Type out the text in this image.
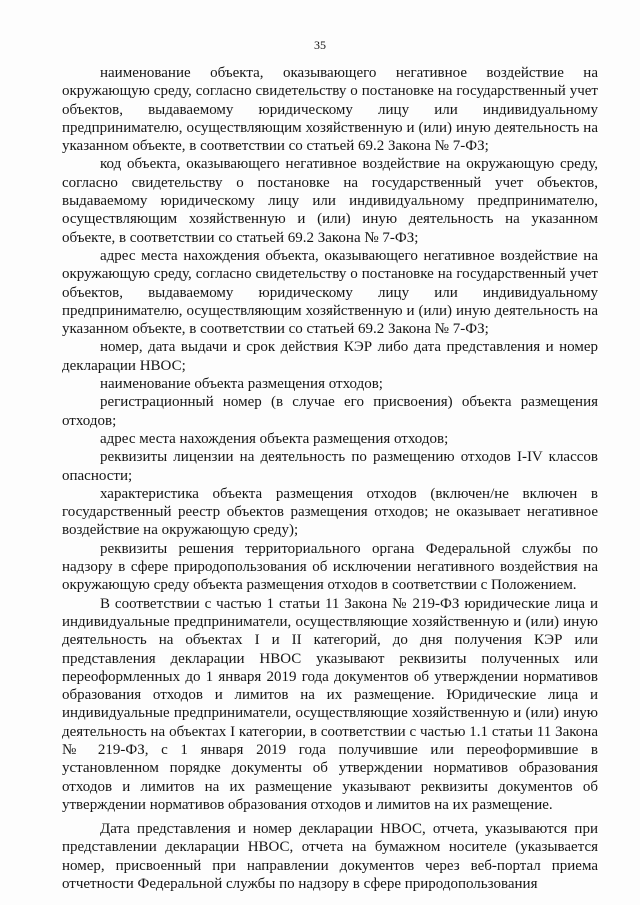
35

наименование объекта, оказывающего негативное воздействие на окружающую среду, согласно свидетельству о постановке на государственный учет объектов, выдаваемому юридическому лицу или индивидуальному предпринимателю, осуществляющим хозяйственную и (или) иную деятельность на указанном объекте, в соответствии со статьей 69.2 Закона № 7-ФЗ;

код объекта, оказывающего негативное воздействие на окружающую среду, согласно свидетельству о постановке на государственный учет объектов, выдаваемому юридическому лицу или индивидуальному предпринимателю, осуществляющим хозяйственную и (или) иную деятельность на указанном объекте, в соответствии со статьей 69.2 Закона № 7-ФЗ;

адрес места нахождения объекта, оказывающего негативное воздействие на окружающую среду, согласно свидетельству о постановке на государственный учет объектов, выдаваемому юридическому лицу или индивидуальному предпринимателю, осуществляющим хозяйственную и (или) иную деятельность на указанном объекте, в соответствии со статьей 69.2 Закона № 7-ФЗ;

номер, дата выдачи и срок действия КЭР либо дата представления и номер декларации НВОС;

наименование объекта размещения отходов;

регистрационный номер (в случае его присвоения) объекта размещения отходов;

адрес места нахождения объекта размещения отходов;

реквизиты лицензии на деятельность по размещению отходов I-IV классов опасности;

характеристика объекта размещения отходов (включен/не включен в государственный реестр объектов размещения отходов; не оказывает негативное воздействие на окружающую среду);

реквизиты решения территориального органа Федеральной службы по надзору в сфере природопользования об исключении негативного воздействия на окружающую среду объекта размещения отходов в соответствии с Положением.

В соответствии с частью 1 статьи 11 Закона № 219-ФЗ юридические лица и индивидуальные предприниматели, осуществляющие хозяйственную и (или) иную деятельность на объектах I и II категорий, до дня получения КЭР или представления декларации НВОС указывают реквизиты полученных или переоформленных до 1 января 2019 года документов об утверждении нормативов образования отходов и лимитов на их размещение. Юридические лица и индивидуальные предприниматели, осуществляющие хозяйственную и (или) иную деятельность на объектах I категории, в соответствии с частью 1.1 статьи 11 Закона № 219-ФЗ, с 1 января 2019 года получившие или переоформившие в установленном порядке документы об утверждении нормативов образования отходов и лимитов на их размещение указывают реквизиты документов об утверждении нормативов образования отходов и лимитов на их размещение.

Дата представления и номер декларации НВОС, отчета, указываются при представлении декларации НВОС, отчета на бумажном носителе (указывается номер, присвоенный при направлении документов через веб-портал приема отчетности Федеральной службы по надзору в сфере природопользования
